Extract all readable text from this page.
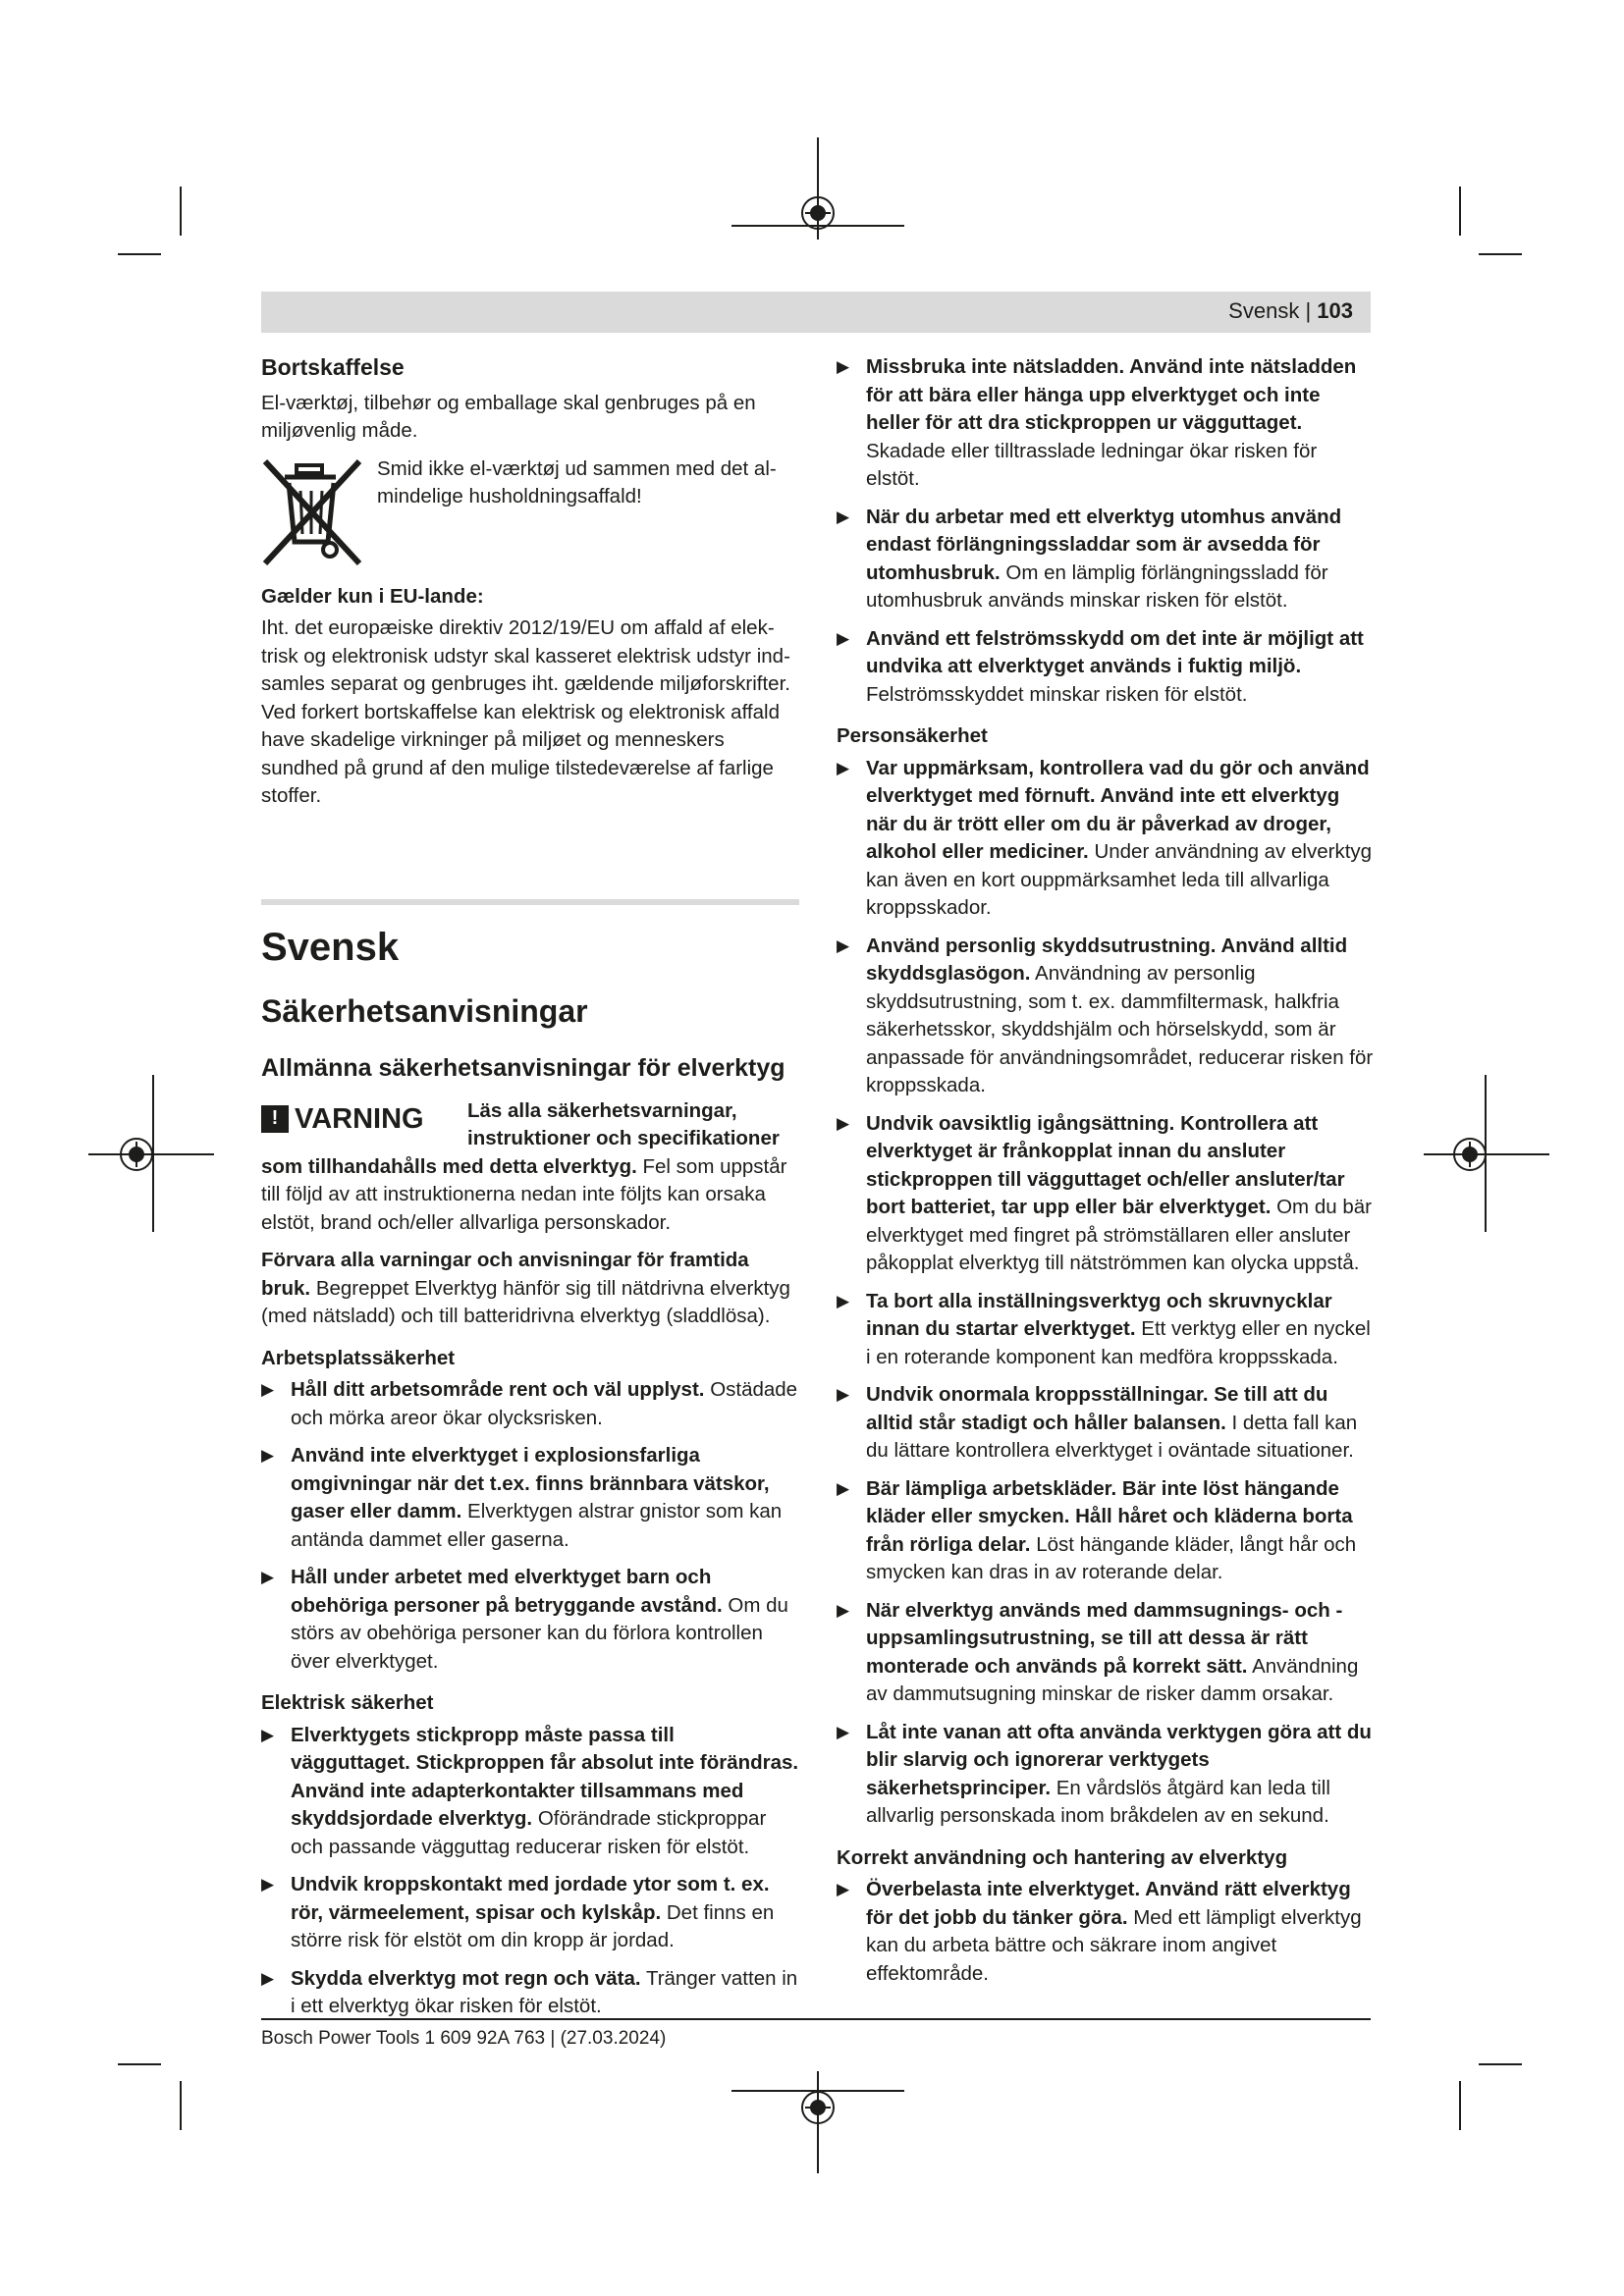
Svensk | 103
Bortskaffelse

El-værktøj, tilbehør og emballage skal genbruges på en miljøvenlig måde.

Smid ikke el-værktøj ud sammen med det almindelige husholdningsaffald!
Gælder kun i EU-lande:

Iht. det europæiske direktiv 2012/19/EU om affald af elektrisk og elektronisk udstyr skal kasseret elektrisk udstyr indsamles separat og genbruges iht. gældende miljøforskrifter. Ved forkert bortskaffelse kan elektrisk og elektronisk affald have skadelige virkninger på miljøet og menneskers sundhed på grund af den mulige tilstedeværelse af farlige stoffer.

Svensk
Säkerhetsanvisningar
Allmänna säkerhetsanvisningar för elverktyg
! VARNING Läs alla säkerhetsvarningar, instruktioner och specifikationer

som tillhandahålls med detta elverktyg. Fel som uppstår till följd av att instruktionerna nedan inte följts kan orsaka elstöt, brand och/eller allvarliga personskador.

Förvara alla varningar och anvisningar för framtida bruk. Begreppet Elverktyg hänför sig till nätdrivna elverktyg (med nätsladd) och till batteridrivna elverktyg (sladdlösa).

Arbetsplatssäkerhet
▶ Håll ditt arbetsområde rent och väl upplyst. Ostädade och mörka areor ökar olycksrisken.
▶ Använd inte elverktyget i explosionsfarliga omgivningar när det t.ex. finns brännbara vätskor, gaser eller damm. Elverktygen alstrar gnistor som kan antända dammet eller gaserna.
▶ Håll under arbetet med elverktyget barn och obehöriga personer på betryggande avstånd. Om du störs av obehöriga personer kan du förlora kontrollen över elverktyget.
Elektrisk säkerhet
▶ Elverktygets stickpropp måste passa till vägguttaget. Stickproppen får absolut inte förändras. Använd inte adapterkontakter tillsammans med skyddsjordade elverktyg. Oförändrade stickproppar och passande vägguttag reducerar risken för elstöt.
▶ Undvik kroppskontakt med jordade ytor som t. ex. rör, värmeelement, spisar och kylskåp. Det finns en större risk för elstöt om din kropp är jordad.
▶ Skydda elverktyg mot regn och väta. Tränger vatten in i ett elverktyg ökar risken för elstöt.
▶ Missbruka inte nätsladden. Använd inte nätsladden för att bära eller hänga upp elverktyget och inte heller för att dra stickproppen ur vägguttaget. Skadade eller tilltrasslade ledningar ökar risken för elstöt.
▶ När du arbetar med ett elverktyg utomhus använd endast förlängningssladdar som är avsedda för utomhusbruk. Om en lämplig förlängningssladd för utomhusbruk används minskar risken för elstöt.
▶ Använd ett felströmsskydd om det inte är möjligt att undvika att elverktyget används i fuktig miljö. Felströmsskyddet minskar risken för elstöt.
Personsäkerhet
▶ Var uppmärksam, kontrollera vad du gör och använd elverktyget med förnuft. Använd inte ett elverktyg när du är trött eller om du är påverkad av droger, alkohol eller mediciner. Under användning av elverktyg kan även en kort ouppmärksamhet leda till allvarliga kroppsskador.
▶ Använd personlig skyddsutrustning. Använd alltid skyddsglasögon. Användning av personlig skyddsutrustning, som t. ex. dammfiltermask, halkfria säkerhetsskor, skyddshjälm och hörselskydd, som är anpassade för användningsområdet, reducerar risken för kroppsskada.
▶ Undvik oavsiktlig igångsättning. Kontrollera att elverktyget är frånkopplat innan du ansluter stickproppen till vägguttaget och/eller ansluter/tar bort batteriet, tar upp eller bär elverktyget. Om du bär elverktyget med fingret på strömställaren eller ansluter påkopplat elverktyg till nätströmmen kan olycka uppstå.
▶ Ta bort alla inställningsverktyg och skruvnycklar innan du startar elverktyget. Ett verktyg eller en nyckel i en roterande komponent kan medföra kroppsskada.
▶ Undvik onormala kroppsställningar. Se till att du alltid står stadigt och håller balansen. I detta fall kan du lättare kontrollera elverktyget i oväntade situationer.
▶ Bär lämpliga arbetskläder. Bär inte löst hängande kläder eller smycken. Håll håret och kläderna borta från rörliga delar. Löst hängande kläder, långt hår och smycken kan dras in av roterande delar.
▶ När elverktyg används med dammsugnings- och -uppsamlingsutrustning, se till att dessa är rätt monterade och används på korrekt sätt. Användning av dammutsugning minskar de risker damm orsakar.
▶ Låt inte vanan att ofta använda verktygen göra att du blir slarvig och ignorerar verktygets säkerhetsprinciper. En vårdslös åtgärd kan leda till allvarlig personskada inom bråkdelen av en sekund.
Korrekt användning och hantering av elverktyg
▶ Överbelasta inte elverktyget. Använd rätt elverktyg för det jobb du tänker göra. Med ett lämpligt elverktyg kan du arbeta bättre och säkrare inom angivet effektområde.
Bosch Power Tools 1 609 92A 763 | (27.03.2024)
